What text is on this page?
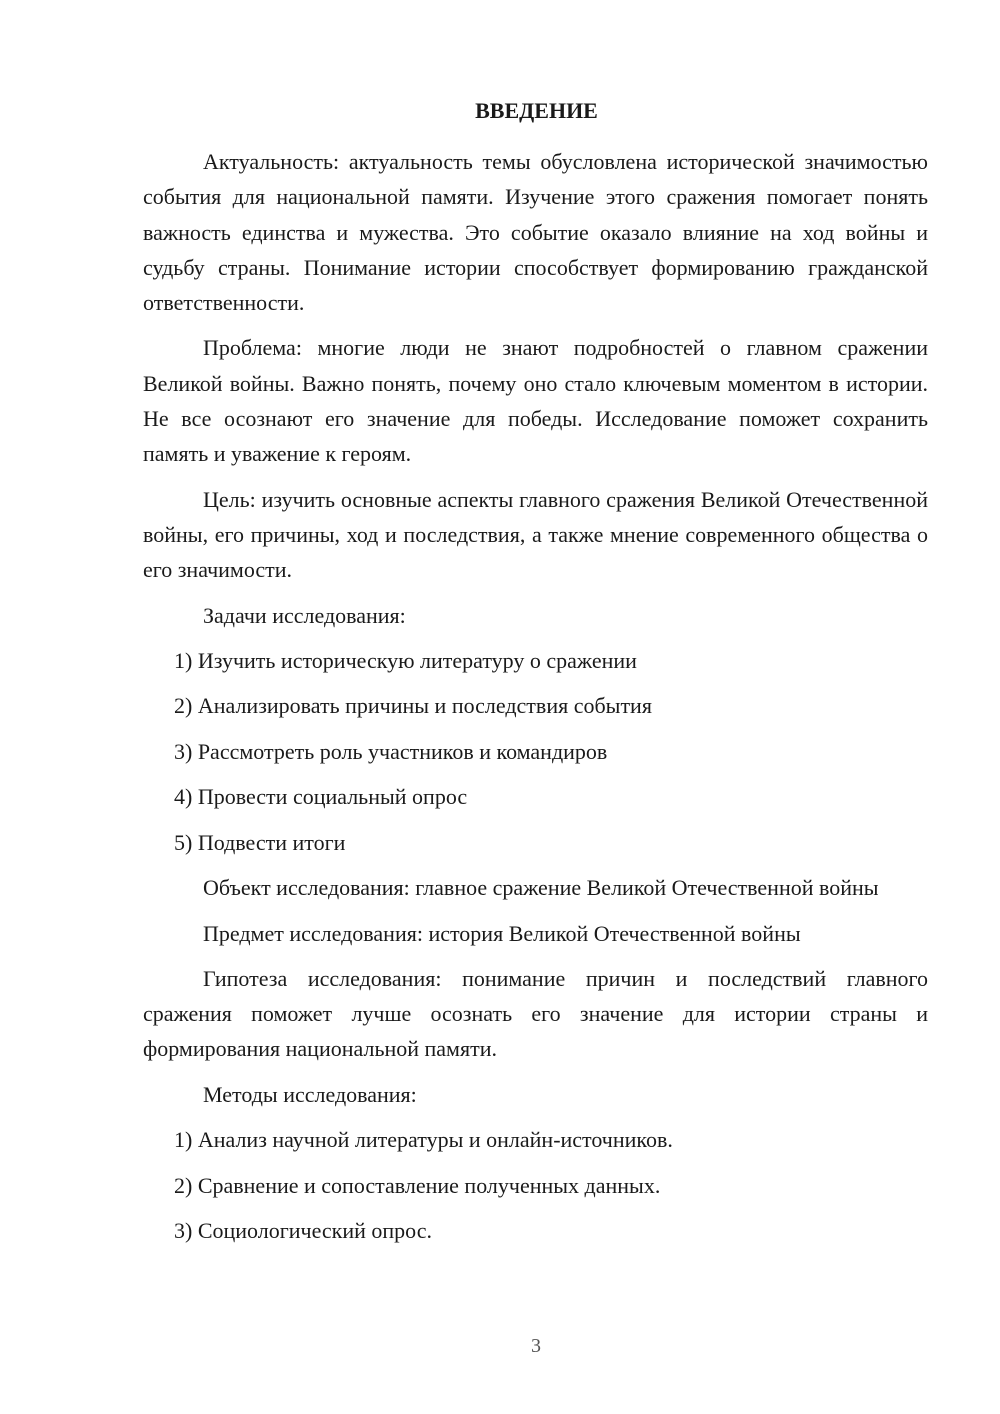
ВВЕДЕНИЕ

Актуальность: актуальность темы обусловлена исторической значимостью события для национальной памяти. Изучение этого сражения помогает понять важность единства и мужества. Это событие оказало влияние на ход войны и судьбу страны. Понимание истории способствует формированию гражданской ответственности.

Проблема: многие люди не знают подробностей о главном сражении Великой войны. Важно понять, почему оно стало ключевым моментом в истории. Не все осознают его значение для победы. Исследование поможет сохранить память и уважение к героям.

Цель: изучить основные аспекты главного сражения Великой Отечественной войны, его причины, ход и последствия, а также мнение современного общества о его значимости.

Задачи исследования:

1) Изучить историческую литературу о сражении
2) Анализировать причины и последствия события
3) Рассмотреть роль участников и командиров
4) Провести социальный опрос
5) Подвести итоги

Объект исследования: главное сражение Великой Отечественной войны

Предмет исследования: история Великой Отечественной войны

Гипотеза исследования: понимание причин и последствий главного сражения поможет лучше осознать его значение для истории страны и формирования национальной памяти.

Методы исследования:

1) Анализ научной литературы и онлайн-источников.
2) Сравнение и сопоставление полученных данных.
3) Социологический опрос.
3
